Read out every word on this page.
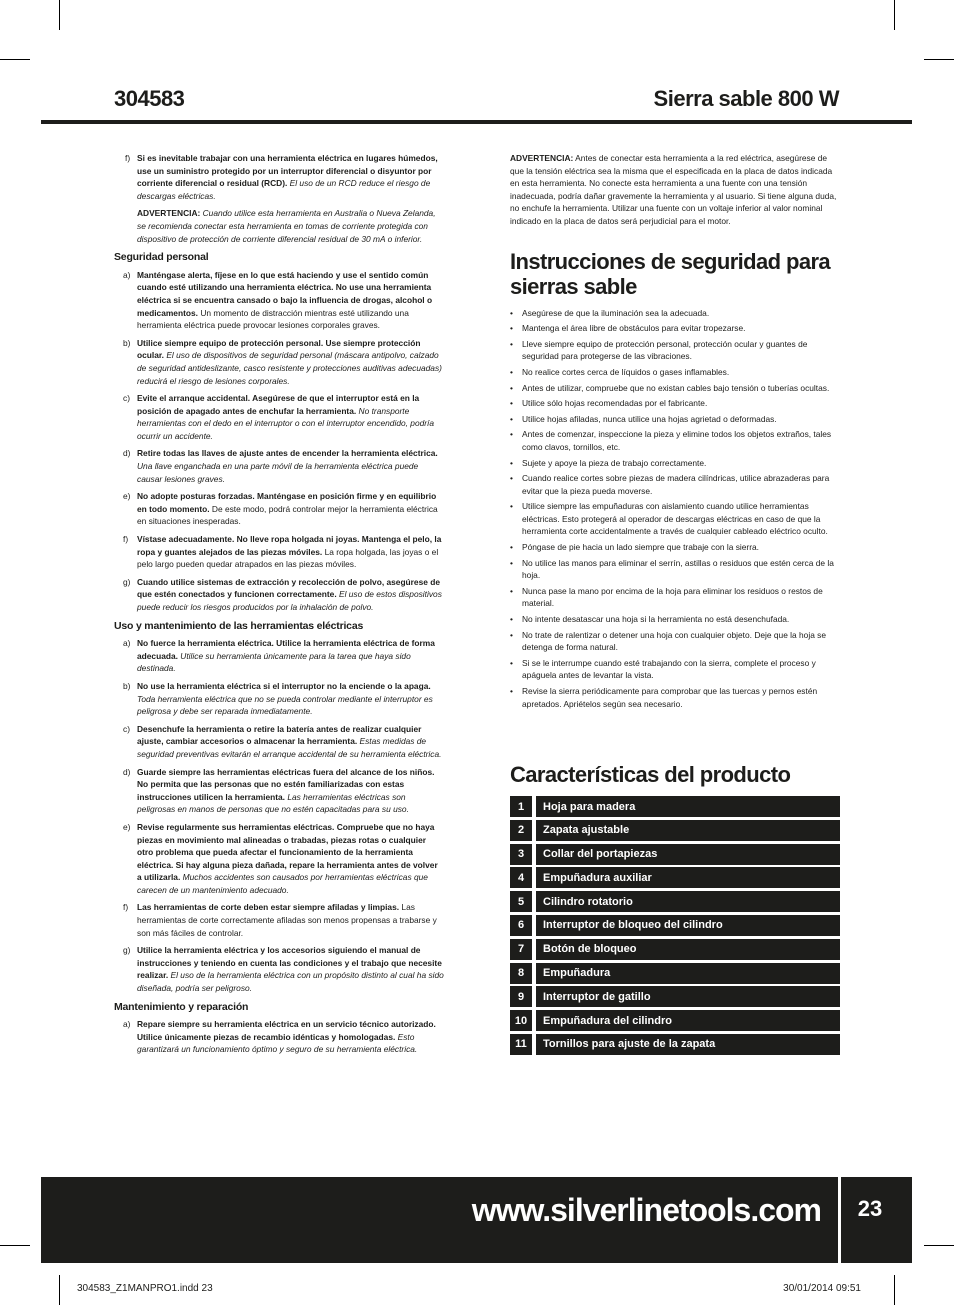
304583	Sierra sable 800 W
f) Si es inevitable trabajar con una herramienta eléctrica en lugares húmedos, use un suministro protegido por un interruptor diferencial o disyuntor por corriente diferencial o residual (RCD). El uso de un RCD reduce el riesgo de descargas eléctricas.
ADVERTENCIA: Cuando utilice esta herramienta en Australia o Nueva Zelanda, se recomienda conectar esta herramienta en tomas de corriente protegida con dispositivo de protección de corriente diferencial residual de 30 mA o inferior.
Seguridad personal
a) Manténgase alerta, fíjese en lo que está haciendo y use el sentido común cuando esté utilizando una herramienta eléctrica. No use una herramienta eléctrica si se encuentra cansado o bajo la influencia de drogas, alcohol o medicamentos. Un momento de distracción mientras esté utilizando una herramienta eléctrica puede provocar lesiones corporales graves.
b) Utilice siempre equipo de protección personal. Use siempre protección ocular. El uso de dispositivos de seguridad personal (máscara antipolvo, calzado de seguridad antideslizante, casco resistente y protecciones auditivas adecuadas) reducirá el riesgo de lesiones corporales.
c) Evite el arranque accidental. Asegúrese de que el interruptor está en la posición de apagado antes de enchufar la herramienta. No transporte herramientas con el dedo en el interruptor o con el interruptor encendido, podría ocurrir un accidente.
d) Retire todas las llaves de ajuste antes de encender la herramienta eléctrica. Una llave enganchada en una parte móvil de la herramienta eléctrica puede causar lesiones graves.
e) No adopte posturas forzadas. Manténgase en posición firme y en equilibrio en todo momento. De este modo, podrá controlar mejor la herramienta eléctrica en situaciones inesperadas.
f) Vístase adecuadamente. No lleve ropa holgada ni joyas. Mantenga el pelo, la ropa y guantes alejados de las piezas móviles. La ropa holgada, las joyas o el pelo largo pueden quedar atrapados en las piezas móviles.
g) Cuando utilice sistemas de extracción y recolección de polvo, asegúrese de que estén conectados y funcionen correctamente. El uso de estos dispositivos puede reducir los riesgos producidos por la inhalación de polvo.
Uso y mantenimiento de las herramientas eléctricas
a) No fuerce la herramienta eléctrica. Utilice la herramienta eléctrica de forma adecuada. Utilice su herramienta únicamente para la tarea que haya sido destinada.
b) No use la herramienta eléctrica si el interruptor no la enciende o la apaga. Toda herramienta eléctrica que no se pueda controlar mediante el interruptor es peligrosa y debe ser reparada inmediatamente.
c) Desenchufe la herramienta o retire la batería antes de realizar cualquier ajuste, cambiar accesorios o almacenar la herramienta. Estas medidas de seguridad preventivas evitarán el arranque accidental de su herramienta eléctrica.
d) Guarde siempre las herramientas eléctricas fuera del alcance de los niños. No permita que las personas que no estén familiarizadas con estas instrucciones utilicen la herramienta. Las herramientas eléctricas son peligrosas en manos de personas que no estén capacitadas para su uso.
e) Revise regularmente sus herramientas eléctricas. Compruebe que no haya piezas en movimiento mal alineadas o trabadas, piezas rotas o cualquier otro problema que pueda afectar el funcionamiento de la herramienta eléctrica. Si hay alguna pieza dañada, repare la herramienta antes de volver a utilizarla. Muchos accidentes son causados por herramientas eléctricas que carecen de un mantenimiento adecuado.
f) Las herramientas de corte deben estar siempre afiladas y limpias. Las herramientas de corte correctamente afiladas son menos propensas a trabarse y son más fáciles de controlar.
g) Utilice la herramienta eléctrica y los accesorios siguiendo el manual de instrucciones y teniendo en cuenta las condiciones y el trabajo que necesite realizar. El uso de la herramienta eléctrica con un propósito distinto al cual ha sido diseñada, podría ser peligroso.
Mantenimiento y reparación
a) Repare siempre su herramienta eléctrica en un servicio técnico autorizado. Utilice únicamente piezas de recambio idénticas y homologadas. Esto garantizará un funcionamiento óptimo y seguro de su herramienta eléctrica.
ADVERTENCIA: Antes de conectar esta herramienta a la red eléctrica, asegúrese de que la tensión eléctrica sea la misma que el especificada en la placa de datos indicada en esta herramienta. No conecte esta herramienta a una fuente con una tensión inadecuada, podría dañar gravemente la herramienta y al usuario. Si tiene alguna duda, no enchufe la herramienta. Utilizar una fuente con un voltaje inferior al valor nominal indicado en la placa de datos será perjudicial para el motor.
Instrucciones de seguridad para sierras sable
• Asegúrese de que la iluminación sea la adecuada.
• Mantenga el área libre de obstáculos para evitar tropezarse.
• Lleve siempre equipo de protección personal, protección ocular y guantes de seguridad para protegerse de las vibraciones.
• No realice cortes cerca de líquidos o gases inflamables.
• Antes de utilizar, compruebe que no existan cables bajo tensión o tuberías ocultas.
• Utilice sólo hojas recomendadas por el fabricante.
• Utilice hojas afiladas, nunca utilice una hojas agrietad o deformadas.
• Antes de comenzar, inspeccione la pieza y elimine todos los objetos extraños, tales como clavos, tornillos, etc.
• Sujete y apoye la pieza de trabajo correctamente.
• Cuando realice cortes sobre piezas de madera cilíndricas, utilice abrazaderas para evitar que la pieza pueda moverse.
• Utilice siempre las empuñaduras con aislamiento cuando utilice herramientas eléctricas. Esto protegerá al operador de descargas eléctricas en caso de que la herramienta corte accidentalmente a través de cualquier cableado eléctrico oculto.
• Póngase de pie hacia un lado siempre que trabaje con la sierra.
• No utilice las manos para eliminar el serrín, astillas o residuos que estén cerca de la hoja.
• Nunca pase la mano por encima de la hoja para eliminar los residuos o restos de material.
• No intente desatascar una hoja si la herramienta no está desenchufada.
• No trate de ralentizar o detener una hoja con cualquier objeto. Deje que la hoja se detenga de forma natural.
• Si se le interrumpe cuando esté trabajando con la sierra, complete el proceso y apáguela antes de levantar la vista.
• Revise la sierra periódicamente para comprobar que las tuercas y pernos estén apretados. Apriételos según sea necesario.
Características del producto
1	Hoja para madera
2	Zapata ajustable
3	Collar del portapiezas
4	Empuñadura auxiliar
5	Cilindro rotatorio
6	Interruptor de bloqueo del cilindro
7	Botón de bloqueo
8	Empuñadura
9	Interruptor de gatillo
10	Empuñadura del cilindro
11	Tornillos para ajuste de la zapata
www.silverlinetools.com	23
304583_Z1MANPRO1.indd 23	30/01/2014 09:51
